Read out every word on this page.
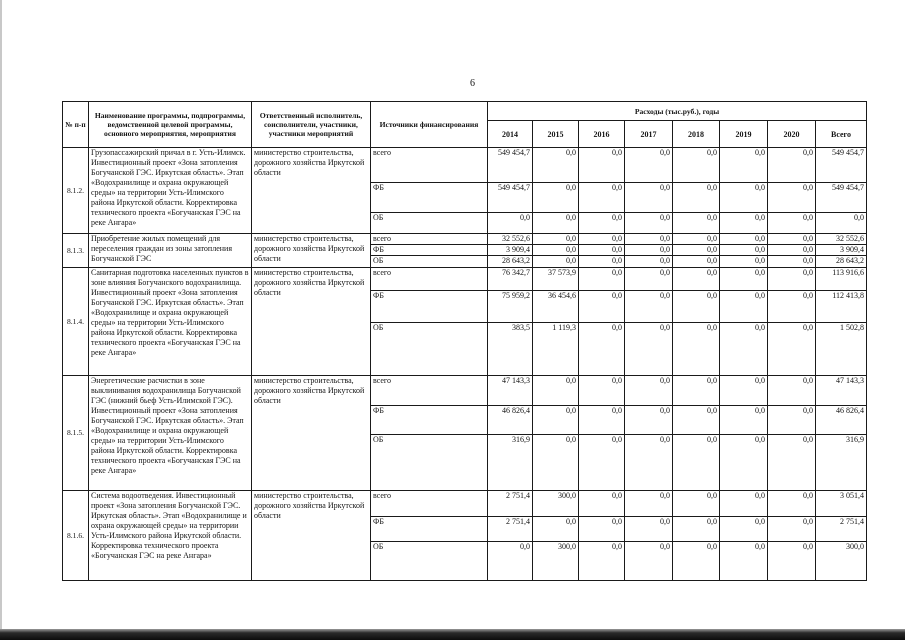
6
№ п-п	Наименование программы, подпрограммы, ведомственной целевой программы, основного мероприятия, мероприятия	Ответственный исполнитель, соисполнители, участники, участники мероприятий	Источники финансирования	Расходы (тыс.руб.), годы							
				2014	2015	2016	2017	2018	2019	2020	Всего
8.1.2.	Грузопассажирский причал в г. Усть-Илимск. Инвестиционный проект «Зона затопления Богучанской ГЭС. Иркутская область». Этап «Водохранилище и охрана окружающей среды» на территории Усть-Илимского района Иркутской области. Корректировка технического проекта «Богучанская ГЭС на реке Ангара»	министерство строительства, дорожного хозяйства Иркутской области	всего	549 454,7	0,0	0,0	0,0	0,0	0,0	0,0	549 454,7
			ФБ	549 454,7	0,0	0,0	0,0	0,0	0,0	0,0	549 454,7
			ОБ	0,0	0,0	0,0	0,0	0,0	0,0	0,0	0,0
8.1.3.	Приобретение жилых помещений для переселения граждан из зоны затопления Богучанской ГЭС	министерство строительства, дорожного хозяйства Иркутской области	всего	32 552,6	0,0	0,0	0,0	0,0	0,0	0,0	32 552,6
			ФБ	3 909,4	0,0	0,0	0,0	0,0	0,0	0,0	3 909,4
			ОБ	28 643,2	0,0	0,0	0,0	0,0	0,0	0,0	28 643,2
8.1.4.	Санитарная подготовка населенных пунктов в зоне влияния Богучанского водохранилища. Инвестиционный проект «Зона затопления Богучанской ГЭС. Иркутская область». Этап «Водохранилище и охрана окружающей среды» на территории Усть-Илимского района Иркутской области. Корректировка технического проекта «Богучанская ГЭС на реке Ангара»	министерство строительства, дорожного хозяйства Иркутской области	всего	76 342,7	37 573,9	0,0	0,0	0,0	0,0	0,0	113 916,6
			ФБ	75 959,2	36 454,6	0,0	0,0	0,0	0,0	0,0	112 413,8
			ОБ	383,5	1 119,3	0,0	0,0	0,0	0,0	0,0	1 502,8
8.1.5.	Энергетические расчистки в зоне выклинивания водохранилища Богучанской ГЭС (нижний бьеф Усть-Илимской ГЭС). Инвестиционный проект «Зона затопления Богучанской ГЭС. Иркутская область». Этап «Водохранилище и охрана окружающей среды» на территории Усть-Илимского района Иркутской области. Корректировка технического проекта «Богучанская ГЭС на реке Ангара»	министерство строительства, дорожного хозяйства Иркутской области	всего	47 143,3	0,0	0,0	0,0	0,0	0,0	0,0	47 143,3
			ФБ	46 826,4	0,0	0,0	0,0	0,0	0,0	0,0	46 826,4
			ОБ	316,9	0,0	0,0	0,0	0,0	0,0	0,0	316,9
8.1.6.	Система водоотведения. Инвестиционный проект «Зона затопления Богучанской ГЭС. Иркутская область». Этап «Водохранилище и охрана окружающей среды» на территории Усть-Илимского района Иркутской области. Корректировка технического проекта «Богучанская ГЭС на реке Ангара»	министерство строительства, дорожного хозяйства Иркутской области	всего	2 751,4	300,0	0,0	0,0	0,0	0,0	0,0	3 051,4
			ФБ	2 751,4	0,0	0,0	0,0	0,0	0,0	0,0	2 751,4
			ОБ	0,0	300,0	0,0	0,0	0,0	0,0	0,0	300,0
